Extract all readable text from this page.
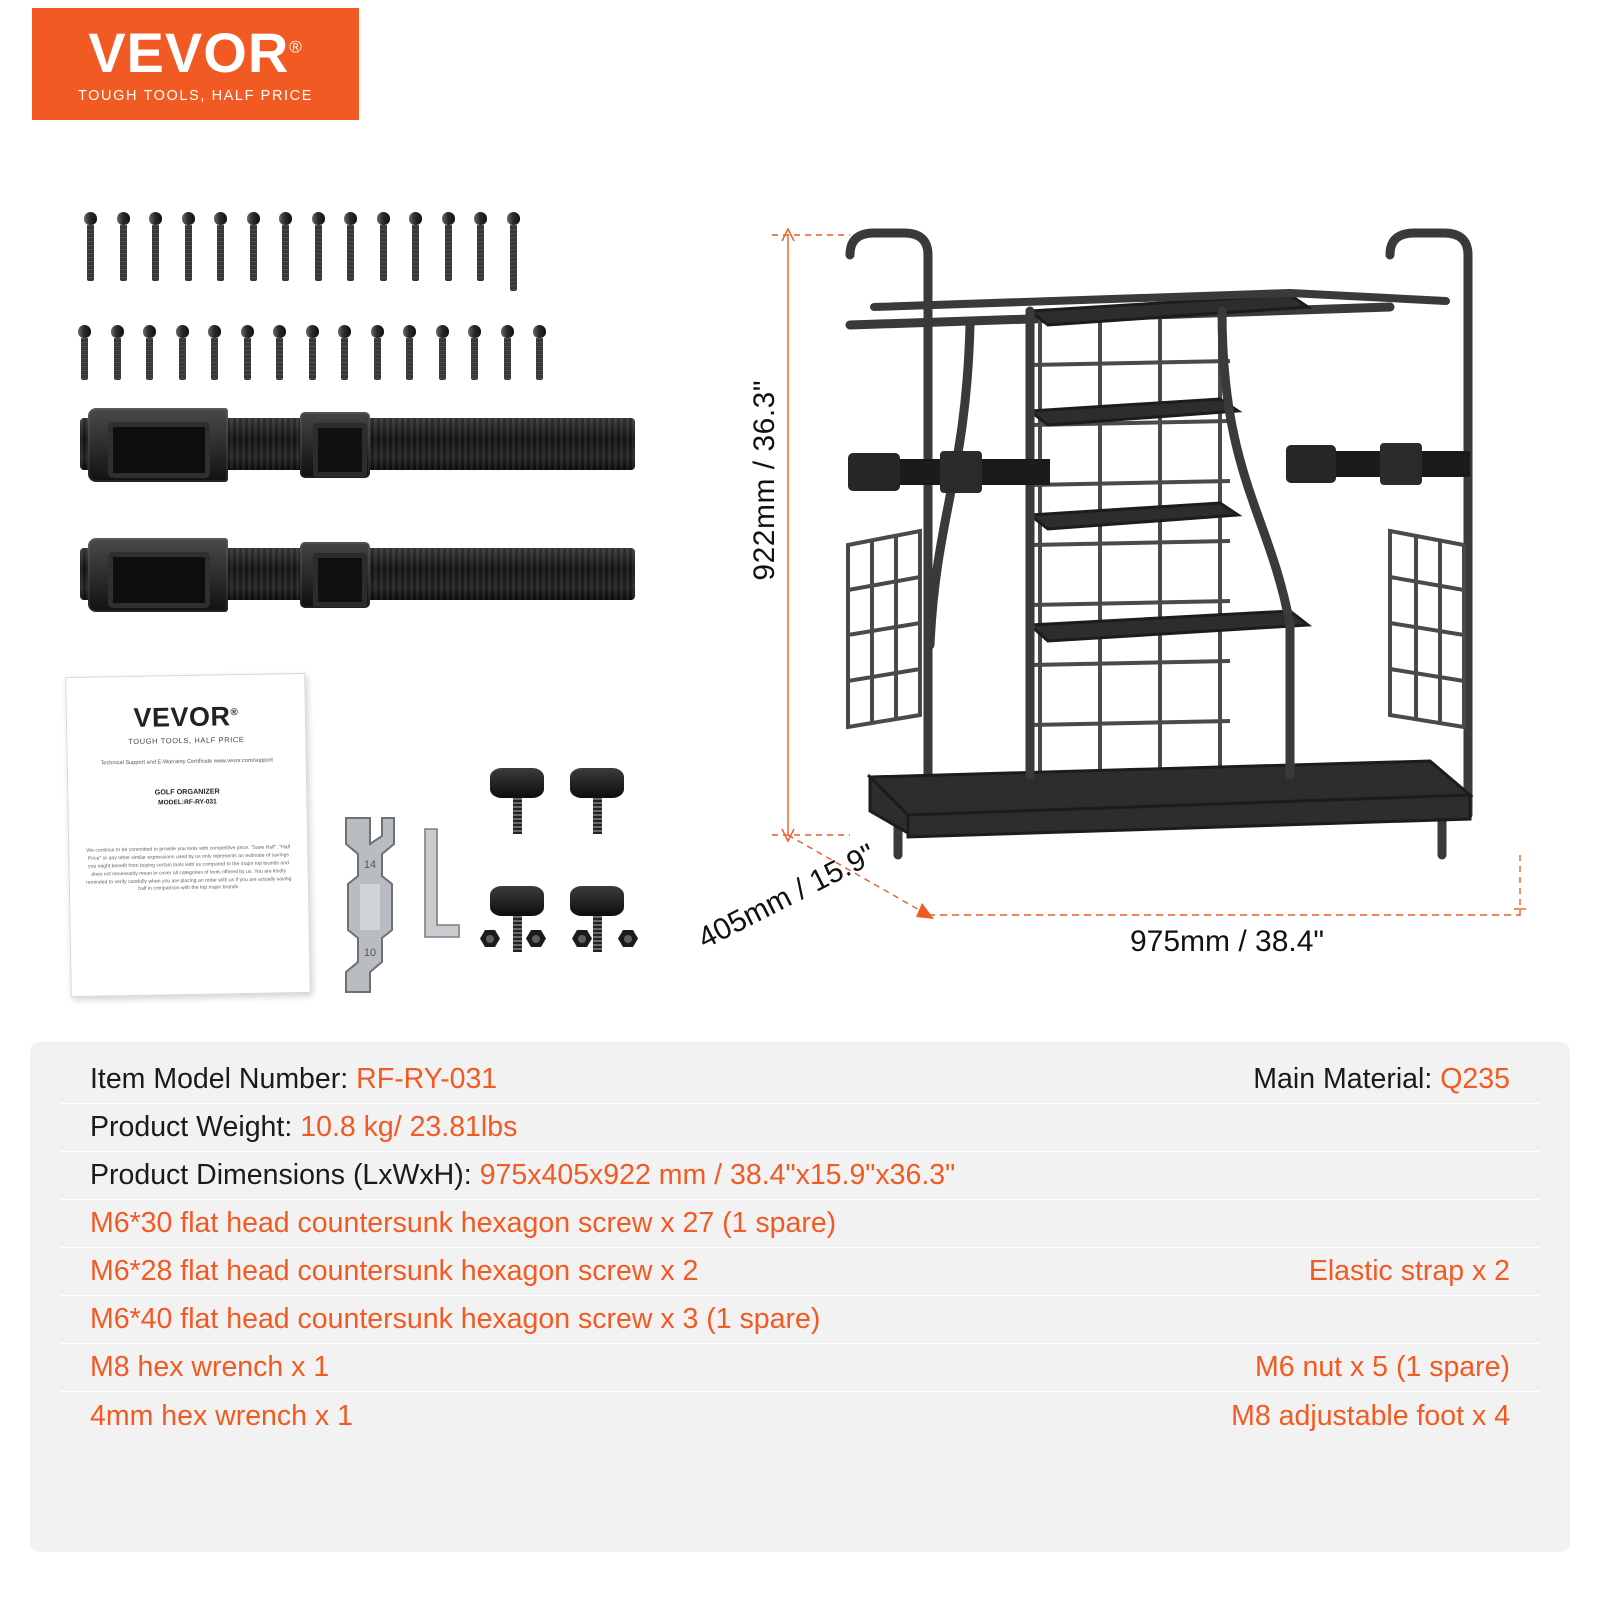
VEVOR®
TOUGH TOOLS, HALF PRICE
VEVOR®
TOUGH TOOLS, HALF PRICE
Technical Support and E-Warranty Certificate www.vevor.com/support
GOLF ORGANIZER
MODEL:RF-RY-031
We continue to be committed to provide you tools with competitive price. "Save Half", "Half Price" or any other similar expressions used by us only represents an estimate of savings you might benefit from buying certain tools with us compared to the major top brands and does not necessarily mean to cover all categories of tools offered by us. You are kindly reminded to verify carefully when you are placing an order with us if you are actually saving half in comparison with the top major brands.
14
10
922mm / 36.3"
405mm / 15.9"	975mm / 38.4"
Item Model Number: RF-RY-031	Main Material: Q235
Product Weight: 10.8 kg/ 23.81lbs
Product Dimensions (LxWxH): 975x405x922 mm / 38.4"x15.9"x36.3"
M6*30 flat head countersunk hexagon screw x 27 (1 spare)
M6*28 flat head countersunk hexagon screw x 2	Elastic strap x 2
M6*40 flat head countersunk hexagon screw x 3 (1 spare)
M8 hex wrench x 1	M6 nut x 5 (1 spare)
4mm hex wrench x 1	M8 adjustable foot x 4
